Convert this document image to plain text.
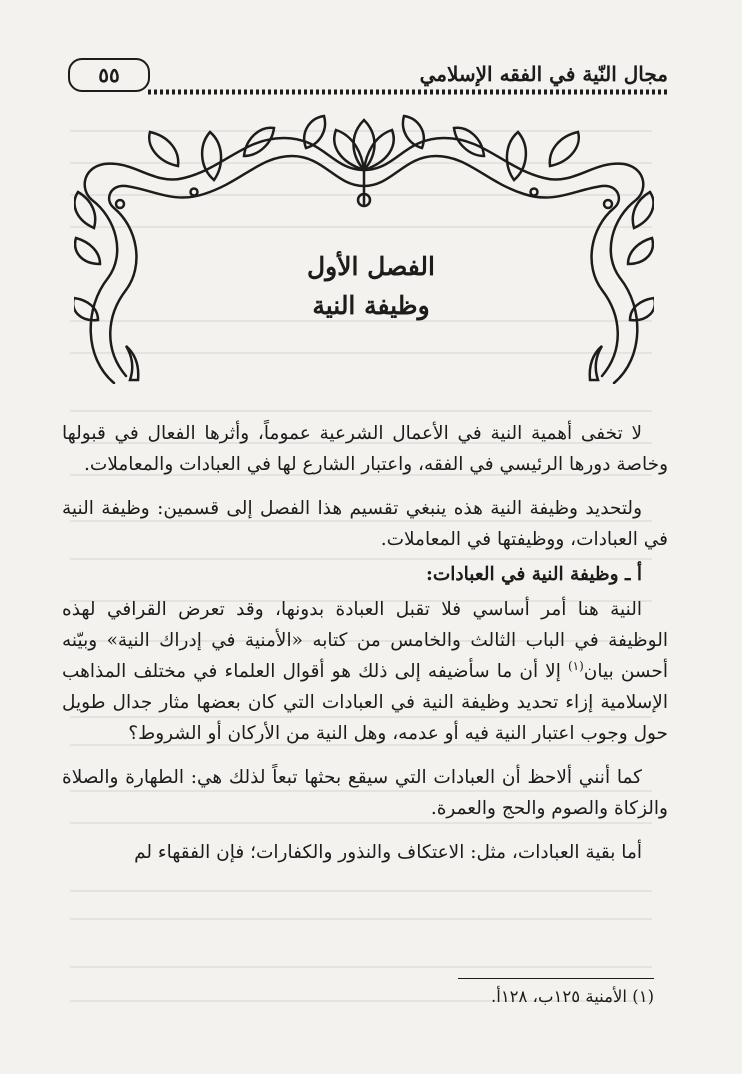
مجال النّية في الفقه الإسلامي
٥٥
الفصل الأول
وظيفة النية

لا تخفى أهمية النية في الأعمال الشرعية عموماً، وأثرها الفعال في قبولها وخاصة دورها الرئيسي في الفقه، واعتبار الشارع لها في العبادات والمعاملات.

ولتحديد وظيفة النية هذه ينبغي تقسيم هذا الفصل إلى قسمين: وظيفة النية في العبادات، ووظيفتها في المعاملات.

أ ـ وظيفة النية في العبادات:

النية هنا أمر أساسي فلا تقبل العبادة بدونها، وقد تعرض القرافي لهذه الوظيفة في الباب الثالث والخامس من كتابه «الأمنية في إدراك النية» وبيّنه أحسن بيان$^{(١)}$ إلا أن ما سأضيفه إلى ذلك هو أقوال العلماء في مختلف المذاهب الإسلامية إزاء تحديد وظيفة النية في العبادات التي كان بعضها مثار جدال طويل حول وجوب اعتبار النية فيه أو عدمه، وهل النية من الأركان أو الشروط؟

كما أنني ألاحظ أن العبادات التي سيقع بحثها تبعاً لذلك هي: الطهارة والصلاة والزكاة والصوم والحج والعمرة.

أما بقية العبادات، مثل: الاعتكاف والنذور والكفارات؛ فإن الفقهاء لم

(١) الأمنية ١٢٥ب، ١٢٨أ.
